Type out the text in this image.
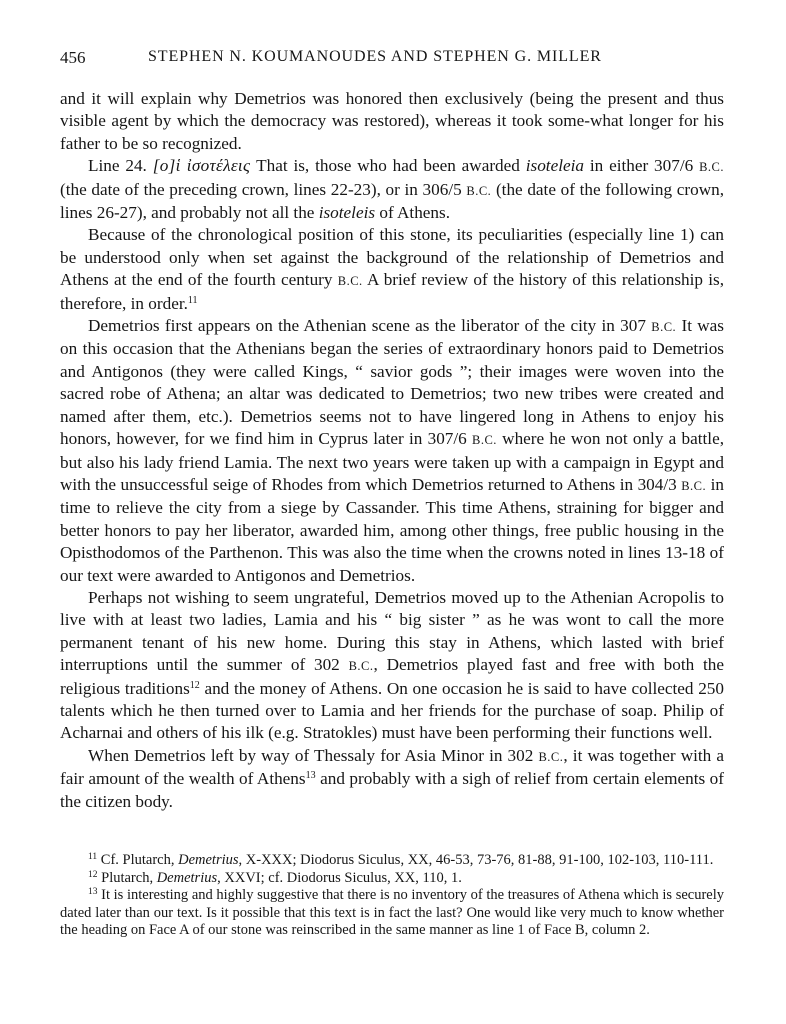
456	STEPHEN N. KOUMANOUDES AND STEPHEN G. MILLER

and it will explain why Demetrios was honored then exclusively (being the present and thus visible agent by which the democracy was restored), whereas it took some-what longer for his father to be so recognized.

Line 24. [ο]ἱ ἰσοτέλεις That is, those who had been awarded isoteleia in either 307/6 B.C. (the date of the preceding crown, lines 22-23), or in 306/5 B.C. (the date of the following crown, lines 26-27), and probably not all the isoteleis of Athens.

Because of the chronological position of this stone, its peculiarities (especially line 1) can be understood only when set against the background of the relationship of Demetrios and Athens at the end of the fourth century B.C. A brief review of the history of this relationship is, therefore, in order.$^{11}$

Demetrios first appears on the Athenian scene as the liberator of the city in 307 B.C. It was on this occasion that the Athenians began the series of extraordinary honors paid to Demetrios and Antigonos (they were called Kings, “ savior gods ”; their images were woven into the sacred robe of Athena; an altar was dedicated to Demetrios; two new tribes were created and named after them, etc.). Demetrios seems not to have lingered long in Athens to enjoy his honors, however, for we find him in Cyprus later in 307/6 B.C. where he won not only a battle, but also his lady friend Lamia. The next two years were taken up with a campaign in Egypt and with the unsuccessful seige of Rhodes from which Demetrios returned to Athens in 304/3 B.C. in time to relieve the city from a siege by Cassander. This time Athens, straining for bigger and better honors to pay her liberator, awarded him, among other things, free public housing in the Opisthodomos of the Parthenon. This was also the time when the crowns noted in lines 13-18 of our text were awarded to Antigonos and Demetrios.

Perhaps not wishing to seem ungrateful, Demetrios moved up to the Athenian Acropolis to live with at least two ladies, Lamia and his “ big sister ” as he was wont to call the more permanent tenant of his new home. During this stay in Athens, which lasted with brief interruptions until the summer of 302 B.C., Demetrios played fast and free with both the religious traditions$^{12}$ and the money of Athens. On one occasion he is said to have collected 250 talents which he then turned over to Lamia and her friends for the purchase of soap. Philip of Acharnai and others of his ilk (e.g. Stratokles) must have been performing their functions well.

When Demetrios left by way of Thessaly for Asia Minor in 302 B.C., it was together with a fair amount of the wealth of Athens$^{13}$ and probably with a sigh of relief from certain elements of the citizen body.

$^{11}$ Cf. Plutarch, Demetrius, X-XXX; Diodorus Siculus, XX, 46-53, 73-76, 81-88, 91-100, 102-103, 110-111.

$^{12}$ Plutarch, Demetrius, XXVI; cf. Diodorus Siculus, XX, 110, 1.

$^{13}$ It is interesting and highly suggestive that there is no inventory of the treasures of Athena which is securely dated later than our text. Is it possible that this text is in fact the last? One would like very much to know whether the heading on Face A of our stone was reinscribed in the same manner as line 1 of Face B, column 2.
